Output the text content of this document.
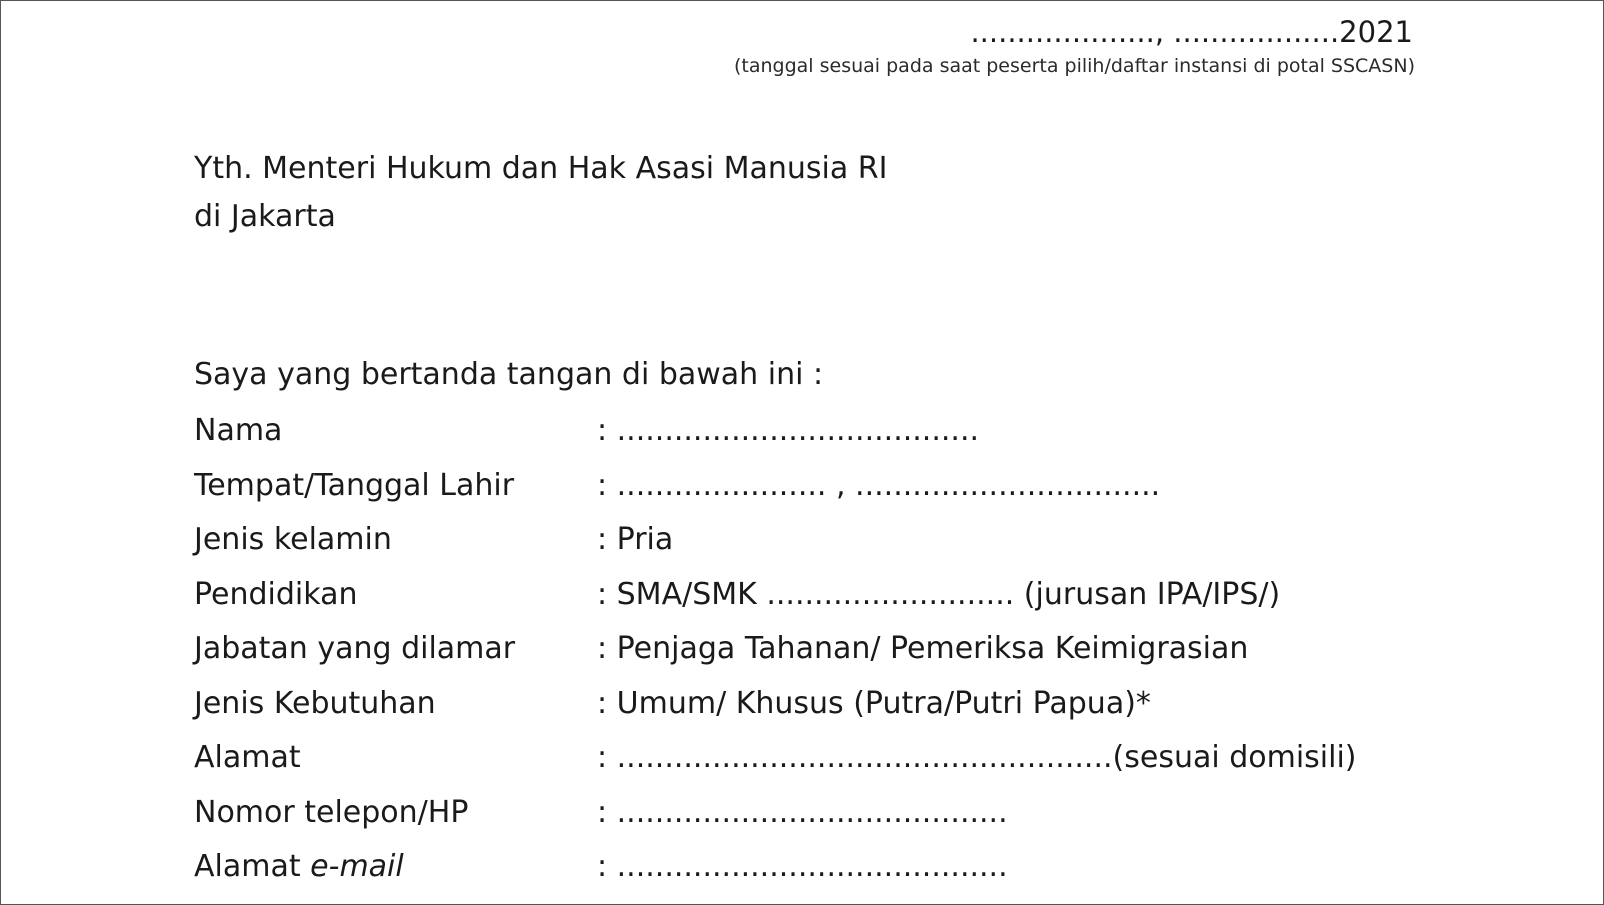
...................., ..................2021
(tanggal sesuai pada saat peserta pilih/daftar instansi di potal SSCASN)
Yth. Menteri Hukum dan Hak Asasi Manusia RI
di Jakarta
Saya yang bertanda tangan di bawah ini :
Nama	: ......................................
Tempat/Tanggal Lahir	: ...................... , ................................
Jenis kelamin	: Pria
Pendidikan	: SMA/SMK .......................... (jurusan IPA/IPS/)
Jabatan yang dilamar	: Penjaga Tahanan/ Pemeriksa Keimigrasian
Jenis Kebutuhan	: Umum/ Khusus (Putra/Putri Papua)*
Alamat	: ....................................................(sesuai domisili)
Nomor telepon/HP	: .........................................
Alamat e-mail	: .........................................
